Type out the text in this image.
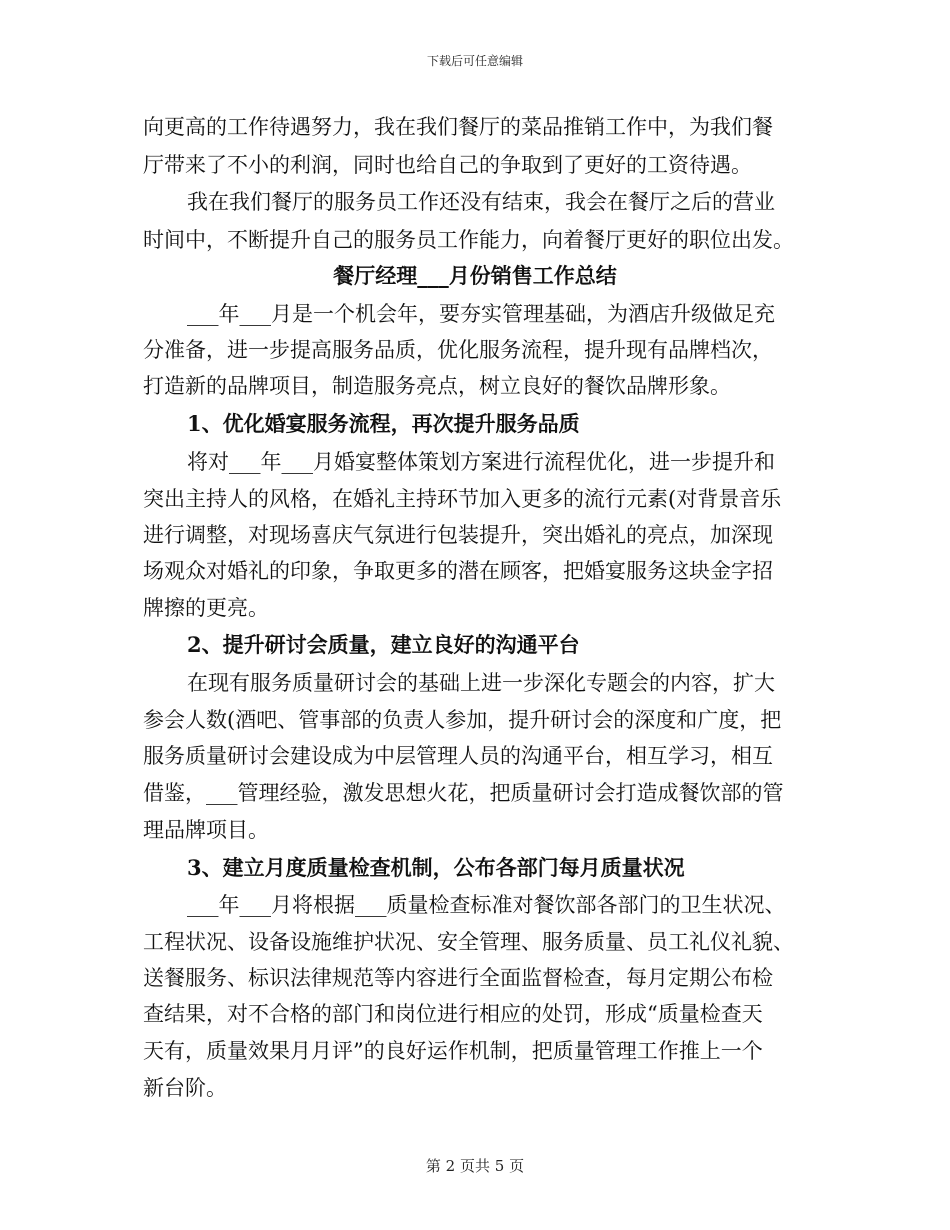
下载后可任意编辑
向更高的工作待遇努力，我在我们餐厅的菜品推销工作中，为我们餐
厅带来了不小的利润，同时也给自己的争取到了更好的工资待遇。
我在我们餐厅的服务员工作还没有结束，我会在餐厅之后的营业
时间中，不断提升自己的服务员工作能力，向着餐厅更好的职位出发。
餐厅经理___月份销售工作总结
___年___月是一个机会年，要夯实管理基础，为酒店升级做足充
分准备，进一步提高服务品质，优化服务流程，提升现有品牌档次，
打造新的品牌项目，制造服务亮点，树立良好的餐饮品牌形象。
1、优化婚宴服务流程，再次提升服务品质
将对___年___月婚宴整体策划方案进行流程优化，进一步提升和
突出主持人的风格，在婚礼主持环节加入更多的流行元素(对背景音乐
进行调整，对现场喜庆气氛进行包装提升，突出婚礼的亮点，加深现
场观众对婚礼的印象，争取更多的潜在顾客，把婚宴服务这块金字招
牌擦的更亮。
2、提升研讨会质量，建立良好的沟通平台
在现有服务质量研讨会的基础上进一步深化专题会的内容，扩大
参会人数(酒吧、管事部的负责人参加，提升研讨会的深度和广度，把
服务质量研讨会建设成为中层管理人员的沟通平台，相互学习，相互
借鉴，___管理经验，激发思想火花，把质量研讨会打造成餐饮部的管
理品牌项目。
3、建立月度质量检查机制，公布各部门每月质量状况
___年___月将根据___质量检查标准对餐饮部各部门的卫生状况、
工程状况、设备设施维护状况、安全管理、服务质量、员工礼仪礼貌、
送餐服务、标识法律规范等内容进行全面监督检查，每月定期公布检
查结果，对不合格的部门和岗位进行相应的处罚，形成“质量检查天
天有，质量效果月月评”的良好运作机制，把质量管理工作推上一个
新台阶。
第 2 页共 5 页
